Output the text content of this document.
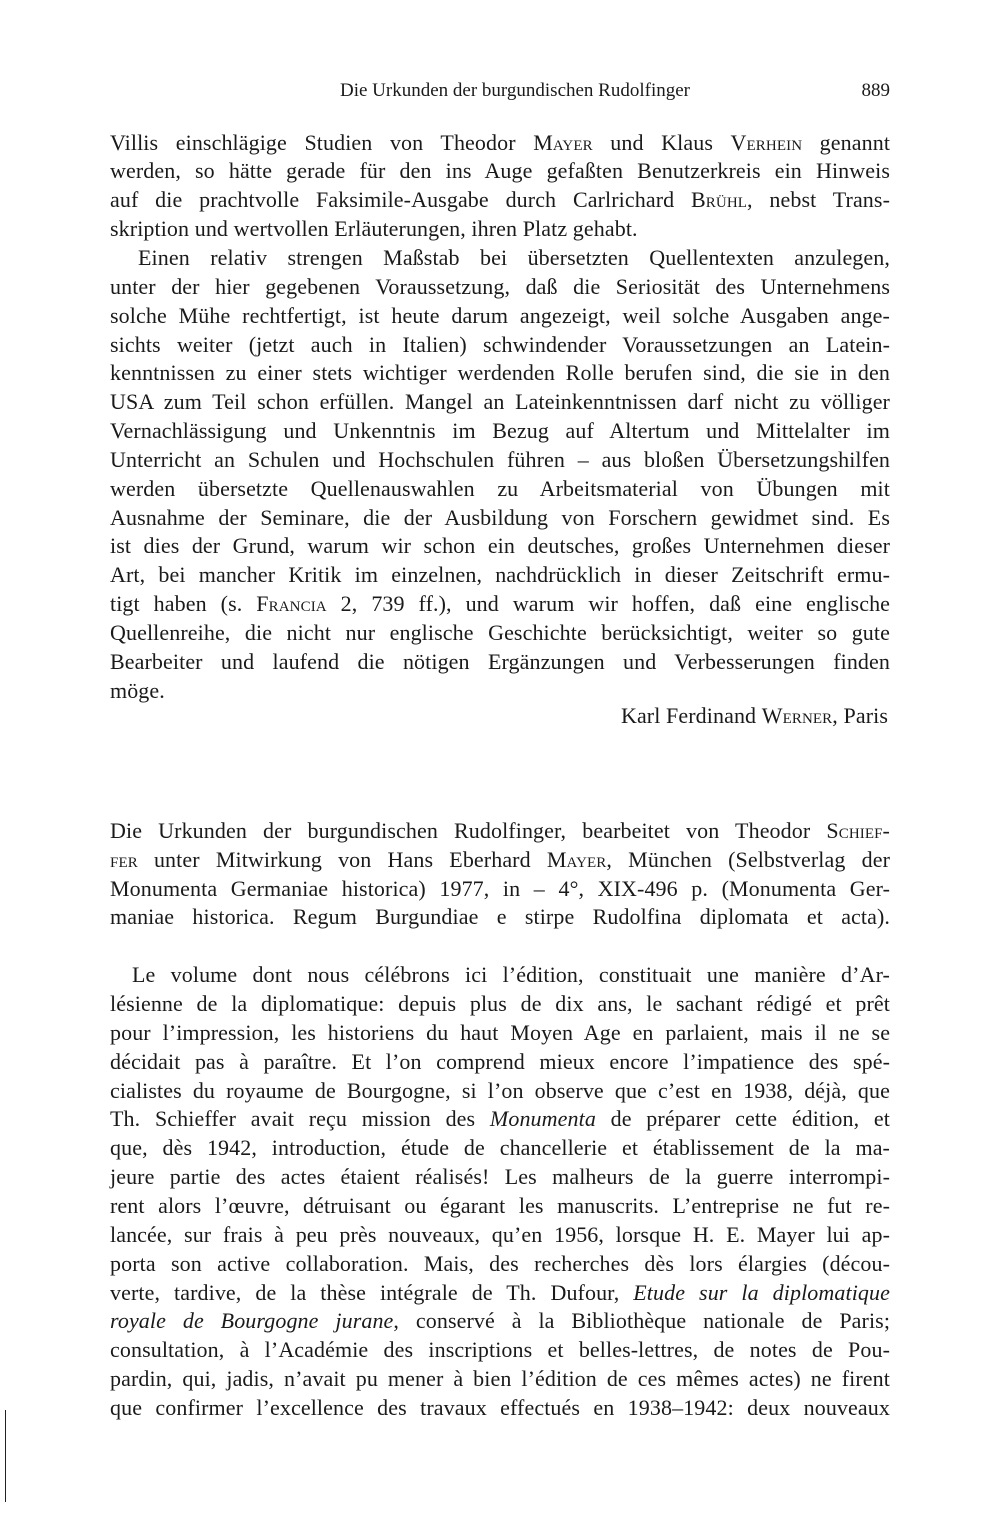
Die Urkunden der burgundischen Rudolfinger	889
Villis einschlägige Studien von Theodor Mayer und Klaus Verhein genannt
werden, so hätte gerade für den ins Auge gefaßten Benutzerkreis ein Hinweis
auf die prachtvolle Faksimile-Ausgabe durch Carlrichard Brühl, nebst Trans-
skription und wertvollen Erläuterungen, ihren Platz gehabt.
Einen relativ strengen Maßstab bei übersetzten Quellentexten anzulegen,
unter der hier gegebenen Voraussetzung, daß die Seriosität des Unternehmens
solche Mühe rechtfertigt, ist heute darum angezeigt, weil solche Ausgaben ange-
sichts weiter (jetzt auch in Italien) schwindender Voraussetzungen an Latein-
kenntnissen zu einer stets wichtiger werdenden Rolle berufen sind, die sie in den
USA zum Teil schon erfüllen. Mangel an Lateinkenntnissen darf nicht zu völliger
Vernachlässigung und Unkenntnis im Bezug auf Altertum und Mittelalter im
Unterricht an Schulen und Hochschulen führen – aus bloßen Übersetzungshilfen
werden übersetzte Quellenauswahlen zu Arbeitsmaterial von Übungen mit
Ausnahme der Seminare, die der Ausbildung von Forschern gewidmet sind. Es
ist dies der Grund, warum wir schon ein deutsches, großes Unternehmen dieser
Art, bei mancher Kritik im einzelnen, nachdrücklich in dieser Zeitschrift ermu-
tigt haben (s. Francia 2, 739 ff.), und warum wir hoffen, daß eine englische
Quellenreihe, die nicht nur englische Geschichte berücksichtigt, weiter so gute
Bearbeiter und laufend die nötigen Ergänzungen und Verbesserungen finden
möge.
Karl Ferdinand Werner, Paris
Die Urkunden der burgundischen Rudolfinger, bearbeitet von Theodor Schief-
fer unter Mitwirkung von Hans Eberhard Mayer, München (Selbstverlag der
Monumenta Germaniae historica) 1977, in – 4°, XIX-496 p. (Monumenta Ger-
maniae historica. Regum Burgundiae e stirpe Rudolfina diplomata et acta).
Le volume dont nous célébrons ici l’édition, constituait une manière d’Ar-
lésienne de la diplomatique: depuis plus de dix ans, le sachant rédigé et prêt
pour l’impression, les historiens du haut Moyen Age en parlaient, mais il ne se
décidait pas à paraître. Et l’on comprend mieux encore l’impatience des spé-
cialistes du royaume de Bourgogne, si l’on observe que c’est en 1938, déjà, que
Th. Schieffer avait reçu mission des Monumenta de préparer cette édition, et
que, dès 1942, introduction, étude de chancellerie et établissement de la ma-
jeure partie des actes étaient réalisés! Les malheurs de la guerre interrompi-
rent alors l’œuvre, détruisant ou égarant les manuscrits. L’entreprise ne fut re-
lancée, sur frais à peu près nouveaux, qu’en 1956, lorsque H. E. Mayer lui ap-
porta son active collaboration. Mais, des recherches dès lors élargies (décou-
verte, tardive, de la thèse intégrale de Th. Dufour, Etude sur la diplomatique
royale de Bourgogne jurane, conservé à la Bibliothèque nationale de Paris;
consultation, à l’Académie des inscriptions et belles-lettres, de notes de Pou-
pardin, qui, jadis, n’avait pu mener à bien l’édition de ces mêmes actes) ne firent
que confirmer l’excellence des travaux effectués en 1938–1942: deux nouveaux
